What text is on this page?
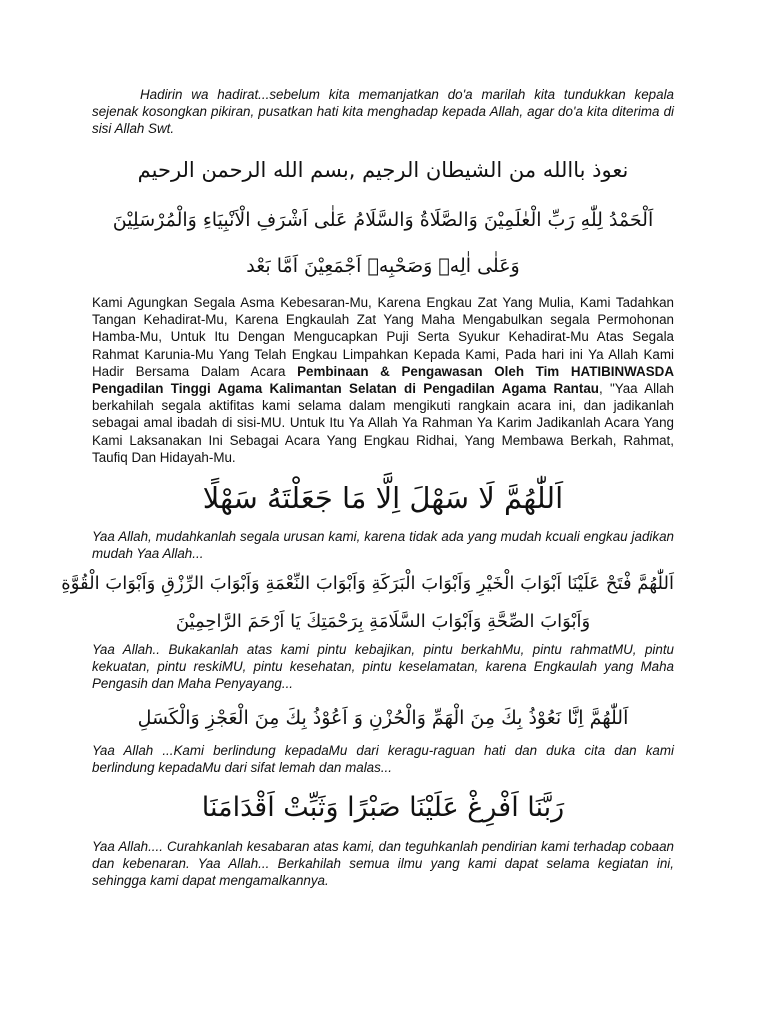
Hadirin wa hadirat...sebelum kita memanjatkan do'a marilah kita tundukkan kepala sejenak kosongkan pikiran, pusatkan hati kita menghadap kepada Allah, agar do'a kita diterima di sisi Allah Swt.

نعوذ باالله من الشيطان الرجيم ,بسم الله الرحمن الرحيم
اَلْحَمْدُ لِلّٰهِ رَبِّ الْعٰلَمِيْنَ وَالصَّلَاةُ وَالسَّلَامُ عَلٰى اَشْرَفِ الْاَنْبِيَاءِ وَالْمُرْسَلِيْنَ
وَعَلٰى اٰلِهٖ وَصَحْبِهٖ اَجْمَعِيْنَ اَمَّا بَعْد

Kami Agungkan Segala Asma Kebesaran-Mu, Karena Engkau Zat Yang Mulia, Kami Tadahkan Tangan Kehadirat-Mu, Karena Engkaulah Zat Yang Maha Mengabulkan segala Permohonan Hamba-Mu, Untuk Itu Dengan Mengucapkan Puji Serta Syukur Kehadirat-Mu Atas Segala Rahmat Karunia-Mu Yang Telah Engkau Limpahkan Kepada Kami, Pada hari ini Ya Allah Kami Hadir Bersama Dalam Acara Pembinaan & Pengawasan Oleh Tim HATIBINWASDA Pengadilan Tinggi Agama Kalimantan Selatan di Pengadilan Agama Rantau, "Yaa Allah berkahilah segala aktifitas kami selama dalam mengikuti rangkain acara ini, dan jadikanlah sebagai amal ibadah di sisi-MU. Untuk Itu Ya Allah Ya Rahman Ya Karim Jadikanlah Acara Yang Kami Laksanakan Ini Sebagai Acara Yang Engkau Ridhai, Yang Membawa Berkah, Rahmat, Taufiq Dan Hidayah-Mu.

اَللّٰهُمَّ لَا سَهْلَ اِلَّا مَا جَعَلْتَهُ سَهْلًا

Yaa Allah, mudahkanlah segala urusan kami, karena tidak ada yang mudah kcuali engkau jadikan mudah Yaa Allah...

اَللّٰهُمَّ فْتَحْ عَلَيْنَا اَبْوَابَ الْخَيْرِ وَاَبْوَابَ الْبَرَكَةِ وَاَبْوَابَ النِّعْمَةِ وَاَبْوَابَ الرِّزْقِ وَاَبْوَابَ الْقُوَّةِ
وَاَبْوَابَ الصِّحَّةِ وَاَبْوَابَ السَّلَامَةِ بِرَحْمَتِكَ يَا اَرْحَمَ الرَّاحِمِيْنَ

Yaa Allah.. Bukakanlah atas kami pintu kebajikan, pintu berkahMu, pintu rahmatMU, pintu kekuatan, pintu reskiMU, pintu kesehatan, pintu keselamatan, karena Engkaulah yang Maha Pengasih dan Maha Penyayang...

اَللّٰهُمَّ اِنَّا نَعُوْذُ بِكَ مِنَ الْهَمِّ وَالْحُزْنِ وَ اَعُوْذُ بِكَ مِنَ الْعَجْزِ وَالْكَسَلِ

Yaa Allah ...Kami berlindung kepadaMu dari keragu-raguan hati dan duka cita dan kami berlindung kepadaMu dari sifat lemah dan malas...

رَبَّنَا اَفْرِغْ عَلَيْنَا صَبْرًا وَثَبِّتْ اَقْدَامَنَا

Yaa Allah.... Curahkanlah kesabaran atas kami, dan teguhkanlah pendirian kami terhadap cobaan dan kebenaran. Yaa Allah... Berkahilah semua ilmu yang kami dapat selama kegiatan ini, sehingga kami dapat mengamalkannya.
